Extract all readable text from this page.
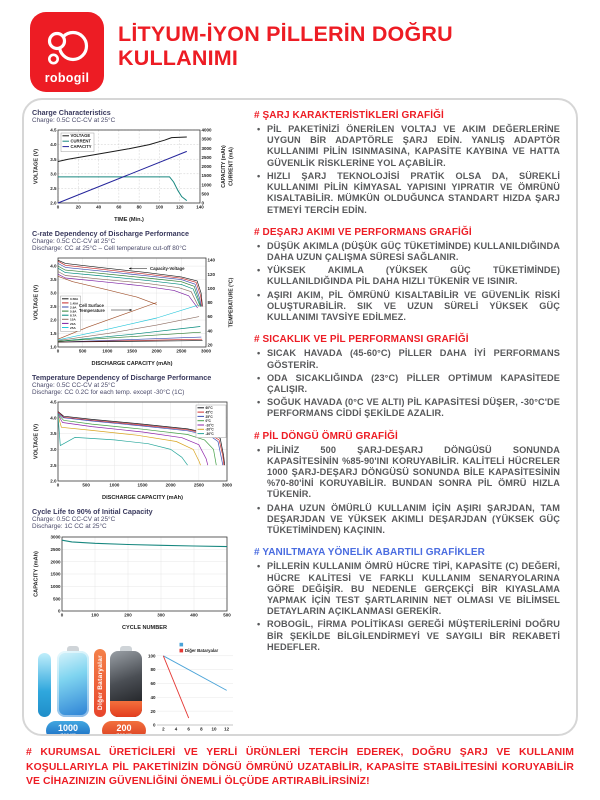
robogil
LİTYUM-İYON PİLLERİN DOĞRU KULLANIMI
Charge Characteristics
Charge: 0.5C CC-CV at 25°C
0	20	40	60	80	100	120	140
2.0
2.5
3.0
3.5
4.0
4.5
0
500
1000
1500
2000
2500
3000
3500
4000
TIME (Min.)
VOLTAGE (V)	CAPACITY (mAh) CURRENT (mA)
VOLTAGE
CURRENT
CAPACITY
C-rate Dependency of Discharge Performance
Charge: 0.5C CC-CV at 25°C
Discharge: CC at 25°C – Cell temperature cut-off 80°C
0	500	1000	1500	2000	2500	3000
1.0
1.5
2.0
2.5
3.0
3.5
4.0
20
40
60
80
100
120
140
DISCHARGE CAPACITY (mAh)
VOLTAGE (V)	TEMPERATURE (°C)
0.58A
1.45A
2.9A
5.8A
8.7A
15A
20A
25A
Capacity-Voltage
Cell Surface
Temperature
Temperature Dependency of Discharge Performance
Charge: 0.5C CC-CV at 25°C
Discharge: CC 0.2C for each temp. except -30°C (1C)
0	500	1000	1500	2000	2500	3000
2.0
2.5
3.0
3.5
4.0
4.5
DISCHARGE CAPACITY (mAh)
VOLTAGE (V)
60°C
45°C
25°C
0°C
-10°C
-20°C
-30°C
Cycle Life to 90% of Initial Capacity
Charge: 0.5C CC-CV at 25°C
Discharge: 1C CC at 25°C
0	100	200	300	400	500
0
500
1000
1500
2000
2500
3000
CYCLE NUMBER
CAPACITY (mAh)
Diğer Bataryalar
1000
dolum
200
dolum
2 4 6 8 10 12
0
20
40
60
80
100
Diğer Bataryalar
# ŞARJ KARAKTERİSTİKLERİ GRAFİĞİ
• PİL PAKETİNİZİ ÖNERİLEN VOLTAJ VE AKIM DEĞERLERİNE UYGUN BİR ADAPTÖRLE ŞARJ EDİN. YANLIŞ ADAPTÖR KULLANIMI PİLİN ISINMASINA, KAPASİTE KAYBINA VE HATTA GÜVENLİK RİSKLERİNE YOL AÇABİLİR.
• HIZLI ŞARJ TEKNOLOJİSİ PRATİK OLSA DA, SÜREKLİ KULLANIMI PİLİN KİMYASAL YAPISINI YIPRATIR VE ÖMRÜNÜ KISALTABİLİR. MÜMKÜN OLDUĞUNCA STANDART HIZDA ŞARJ ETMEYİ TERCİH EDİN.
# DEŞARJ AKIMI VE PERFORMANS GRAFİĞİ
• DÜŞÜK AKIMLA (DÜŞÜK GÜÇ TÜKETİMİNDE) KULLANILDIĞINDA DAHA UZUN ÇALIŞMA SÜRESİ SAĞLANIR.
• YÜKSEK AKIMLA (YÜKSEK GÜÇ TÜKETİMİNDE) KULLANILDIĞINDA PİL DAHA HIZLI TÜKENİR VE ISINIR.
• AŞIRI AKIM, PİL ÖMRÜNÜ KISALTABİLİR VE GÜVENLİK RİSKİ OLUŞTURABİLİR. SIK VE UZUN SÜRELİ YÜKSEK GÜÇ KULLANIMI TAVSİYE EDİLMEZ.
# SICAKLIK VE PİL PERFORMANSI GRAFİĞİ
• SICAK HAVADA (45-60°C) PİLLER DAHA İYİ PERFORMANS GÖSTERİR.
• ODA SICAKLIĞINDA (23°C) PİLLER OPTİMUM KAPASİTEDE ÇALIŞIR.
• SOĞUK HAVADA (0°C VE ALTI) PİL KAPASİTESİ DÜŞER, -30°C'DE PERFORMANS CİDDİ ŞEKİLDE AZALIR.
# PİL DÖNGÜ ÖMRÜ GRAFİĞİ
• PİLİNİZ 500 ŞARJ-DEŞARJ DÖNGÜSÜ SONUNDA KAPASİTESİNİN %85-90'INI KORUYABİLİR. KALİTELİ HÜCRELER 1000 ŞARJ-DEŞARJ DÖNGÜSÜ SONUNDA BİLE KAPASİTESİNİN %70-80'İNİ KORUYABİLİR. BUNDAN SONRA PİL ÖMRÜ HIZLA TÜKENİR.
• DAHA UZUN ÖMÜRLÜ KULLANIM İÇİN AŞIRI ŞARJDAN, TAM DEŞARJDAN VE YÜKSEK AKIMLI DEŞARJDAN (YÜKSEK GÜÇ TÜKETİMİNDEN) KAÇININ.
# YANILTMAYA YÖNELİK ABARTILI GRAFİKLER
• PİLLERİN KULLANIM ÖMRÜ HÜCRE TİPİ, KAPASİTE (C) DEĞERİ, HÜCRE KALİTESİ VE FARKLI KULLANIM SENARYOLARINA GÖRE DEĞİŞİR. BU NEDENLE GERÇEKÇİ BİR KIYASLAMA YAPMAK İÇİN TEST ŞARTLARININ NET OLMASI VE BİLİMSEL DETAYLARIN AÇIKLANMASI GEREKİR.
• ROBOGİL, FİRMA POLİTİKASI GEREĞİ MÜŞTERİLERİNİ DOĞRU BİR ŞEKİLDE BİLGİLENDİRMEYİ VE SAYGILI BİR REKABETİ HEDEFLER.
# KURUMSAL ÜRETİCİLERİ VE YERLİ ÜRÜNLERİ TERCİH EDEREK, DOĞRU ŞARJ VE KULLANIM KOŞULLARIYLA PİL PAKETİNİZİN DÖNGÜ ÖMRÜNÜ UZATABİLİR, KAPASİTE STABİLİTESİNİ KORUYABİLİR VE CİHAZINIZIN GÜVENLİĞİNİ ÖNEMLİ ÖLÇÜDE ARTIRABİLİRSİNİZ!
